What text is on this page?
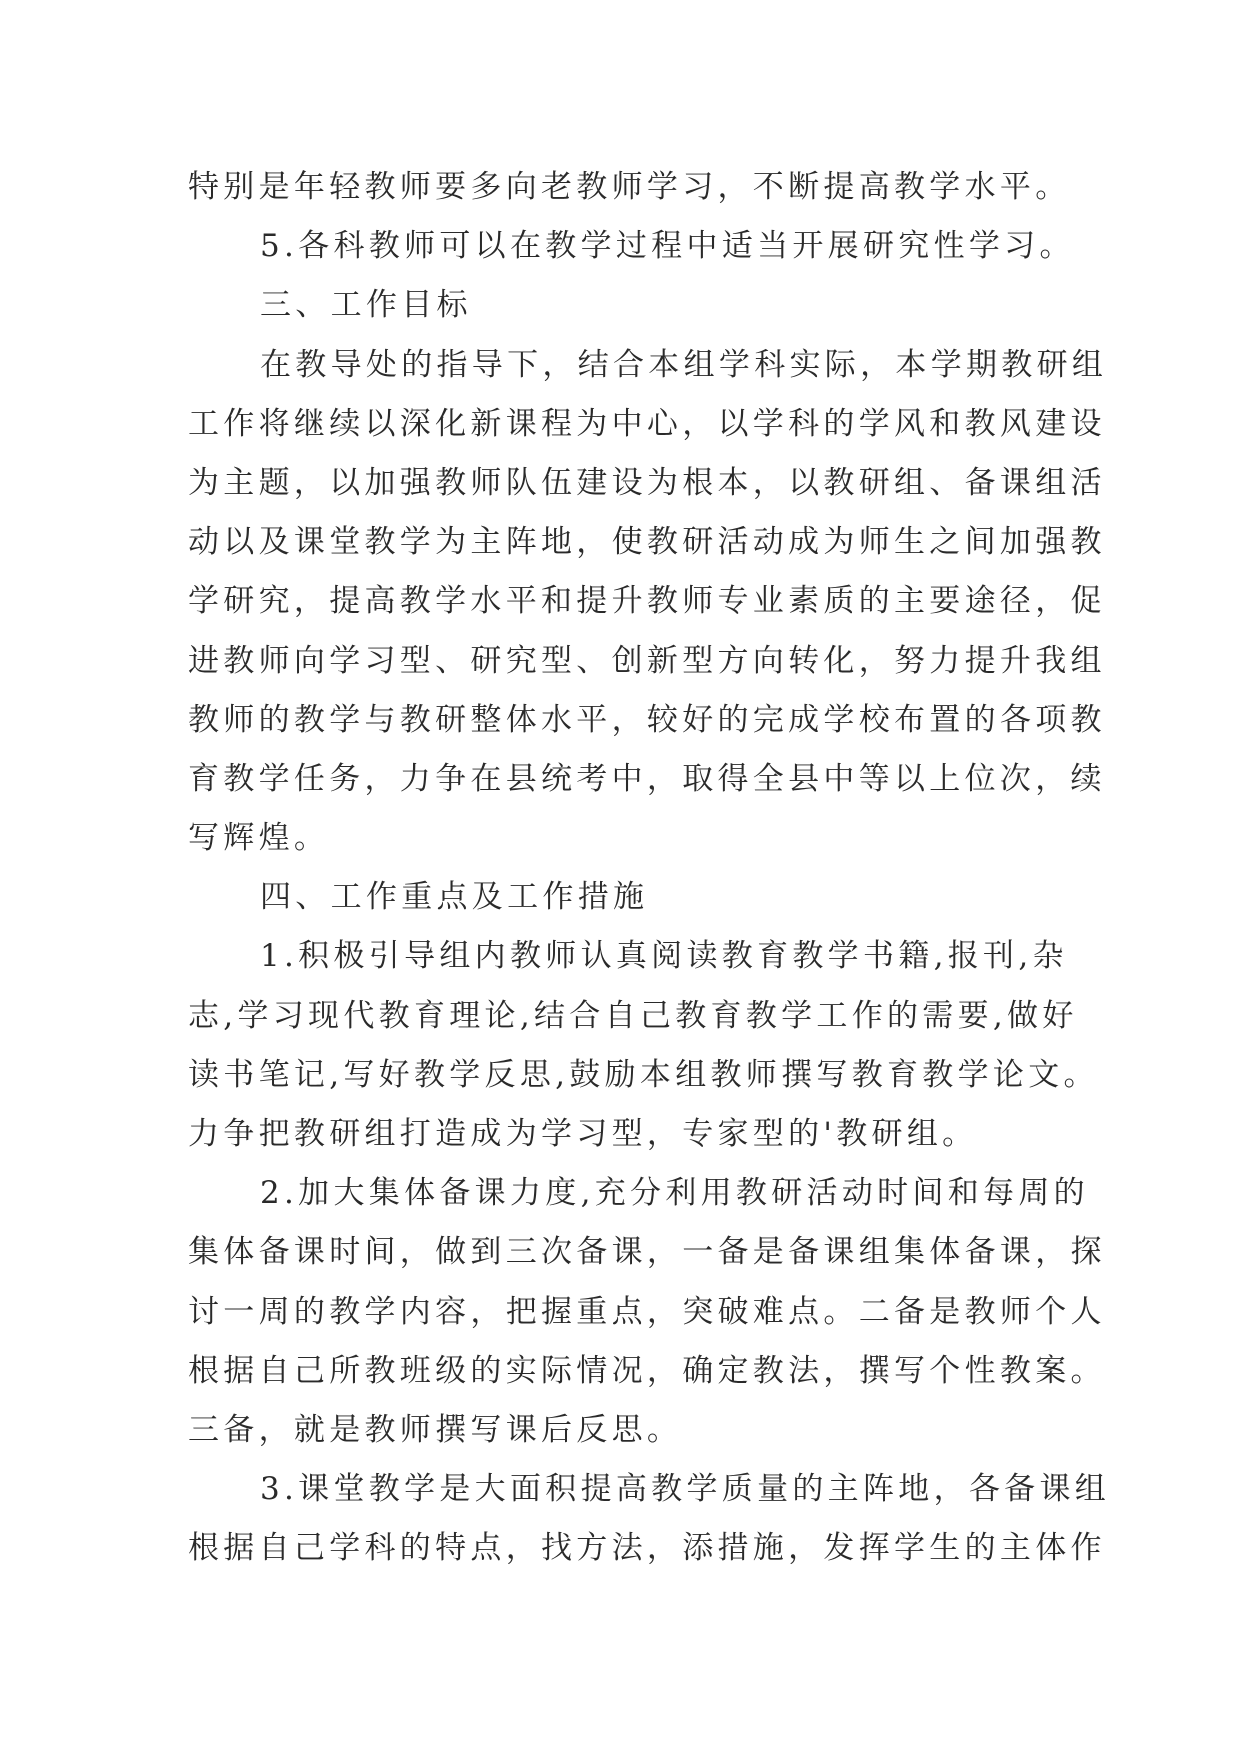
特别是年轻教师要多向老教师学习，不断提高教学水平。
5.各科教师可以在教学过程中适当开展研究性学习。
三、工作目标
在教导处的指导下，结合本组学科实际，本学期教研组
工作将继续以深化新课程为中心，以学科的学风和教风建设
为主题，以加强教师队伍建设为根本，以教研组、备课组活
动以及课堂教学为主阵地，使教研活动成为师生之间加强教
学研究，提高教学水平和提升教师专业素质的主要途径，促
进教师向学习型、研究型、创新型方向转化，努力提升我组
教师的教学与教研整体水平，较好的完成学校布置的各项教
育教学任务，力争在县统考中，取得全县中等以上位次，续
写辉煌。
四、工作重点及工作措施
1.积极引导组内教师认真阅读教育教学书籍,报刊,杂
志,学习现代教育理论,结合自己教育教学工作的需要,做好
读书笔记,写好教学反思,鼓励本组教师撰写教育教学论文。
力争把教研组打造成为学习型，专家型的'教研组。
2.加大集体备课力度,充分利用教研活动时间和每周的
集体备课时间，做到三次备课，一备是备课组集体备课，探
讨一周的教学内容，把握重点，突破难点。二备是教师个人
根据自己所教班级的实际情况，确定教法，撰写个性教案。
三备，就是教师撰写课后反思。
3.课堂教学是大面积提高教学质量的主阵地，各备课组
根据自己学科的特点，找方法，添措施，发挥学生的主体作
